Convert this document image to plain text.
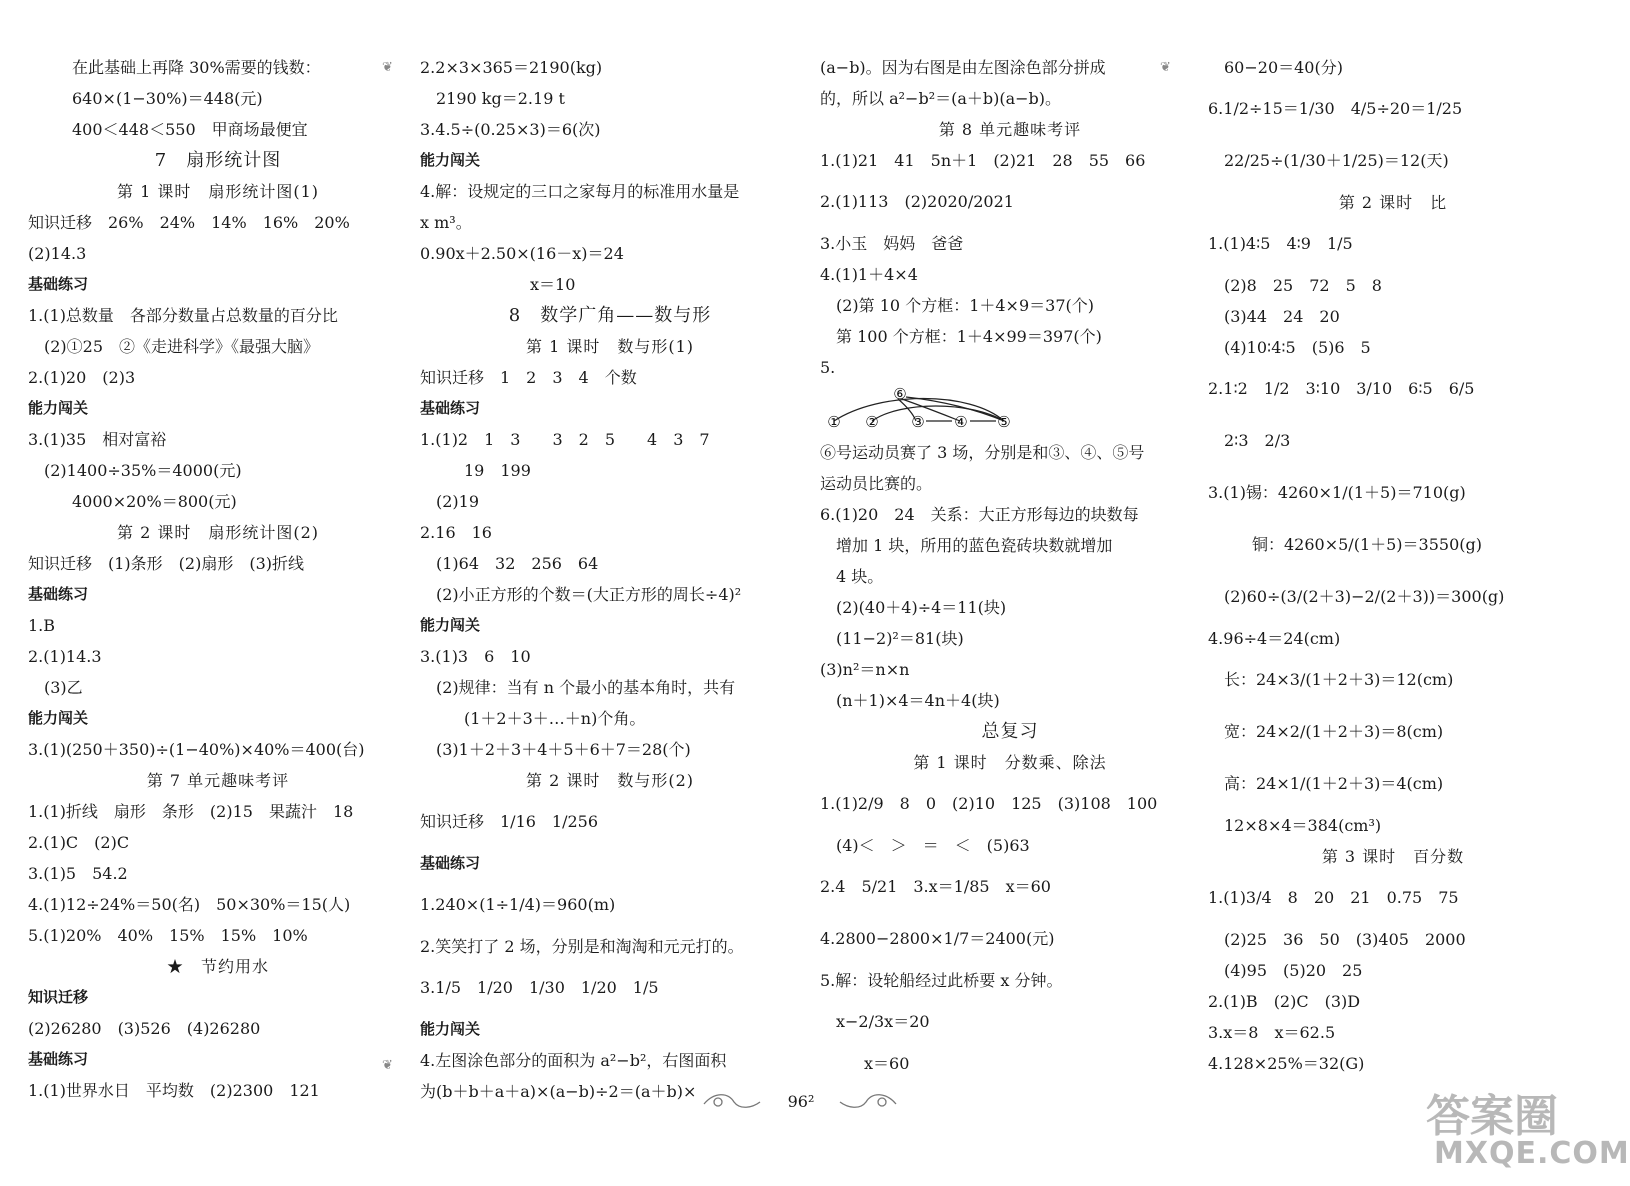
在此基础上再降 30%需要的钱数：
640×(1−30%)＝448(元)
400＜448＜550　甲商场最便宜
7　扇形统计图
第 1 课时　扇形统计图(1)
知识迁移　26%　24%　14%　16%　20%
(2)14.3
基础练习
1.(1)总数量　各部分数量占总数量的百分比
(2)①25　②《走进科学》《最强大脑》
2.(1)20　(2)3
能力闯关
3.(1)35　相对富裕
(2)1400÷35%＝4000(元)
4000×20%＝800(元)
第 2 课时　扇形统计图(2)
知识迁移　(1)条形　(2)扇形　(3)折线
基础练习
1.B
2.(1)14.3
(3)乙
能力闯关
3.(1)(250＋350)÷(1−40%)×40%＝400(台)
第 7 单元趣味考评
1.(1)折线　扇形　条形　(2)15　果蔬汁　18
2.(1)C　(2)C
3.(1)5　54.2
4.(1)12÷24%＝50(名)　50×30%＝15(人)
5.(1)20%　40%　15%　15%　10%
★　节约用水
知识迁移
(2)26280　(3)526　(4)26280
基础练习
1.(1)世界水日　平均数　(2)2300　121
2.2×3×365＝2190(kg)
2190 kg＝2.19 t
3.4.5÷(0.25×3)＝6(次)
能力闯关
4.解：设规定的三口之家每月的标准用水量是
x m³。
0.90x＋2.50×(16－x)＝24
x＝10
8　数学广角——数与形
第 1 课时　数与形(1)
知识迁移　1　2　3　4　个数
基础练习
1.(1)2　1　3　　3　2　5　　4　3　7
19　199
(2)19
2.16　16
(1)64　32　256　64
(2)小正方形的个数＝(大正方形的周长÷4)²
能力闯关
3.(1)3　6　10
(2)规律：当有 n 个最小的基本角时，共有
(1＋2＋3＋…＋n)个角。
(3)1＋2＋3＋4＋5＋6＋7＝28(个)
第 2 课时　数与形(2)
知识迁移　1/16　1/256
基础练习
1.240×(1÷1/4)＝960(m)
2.笑笑打了 2 场，分别是和淘淘和元元打的。
3.1/5　1/20　1/30　1/20　1/5
能力闯关
4.左图涂色部分的面积为 a²−b²，右图面积
为(b＋b＋a＋a)×(a−b)÷2＝(a＋b)×
(a−b)。因为右图是由左图涂色部分拼成
的，所以 a²−b²＝(a＋b)(a−b)。
第 8 单元趣味考评
1.(1)21　41　5n＋1　(2)21　28　55　66
2.(1)113　(2)2020/2021
3.小玉　妈妈　爸爸
4.(1)1＋4×4
(2)第 10 个方框：1＋4×9＝37(个)
第 100 个方框：1＋4×99＝397(个)
5.
① ② ③ ④ ⑤
⑥
⑥号运动员赛了 3 场，分别是和③、④、⑤号
运动员比赛的。
6.(1)20　24　关系：大正方形每边的块数每
增加 1 块，所用的蓝色瓷砖块数就增加
4 块。
(2)(40＋4)÷4＝11(块)
(11−2)²＝81(块)
(3)n²＝n×n
(n＋1)×4＝4n＋4(块)
总复习
第 1 课时　分数乘、除法
1.(1)2/9　8　0　(2)10　125　(3)108　100
(4)＜　＞　＝　＜　(5)63
2.4　5/21　3.x＝1/85　x＝60
4.2800−2800×1/7＝2400(元)
5.解：设轮船经过此桥要 x 分钟。
x−2/3x＝20
x＝60
60−20＝40(分)
6.1/2÷15＝1/30　4/5÷20＝1/25
22/25÷(1/30＋1/25)＝12(天)
第 2 课时　比
1.(1)4∶5　4∶9　1/5
(2)8　25　72　5　8
(3)44　24　20
(4)10∶4∶5　(5)6　5
2.1∶2　1/2　3∶10　3/10　6∶5　6/5
2∶3　2/3
3.(1)锡：4260×1/(1＋5)＝710(g)
铜：4260×5/(1＋5)＝3550(g)
(2)60÷(3/(2＋3)−2/(2＋3))＝300(g)
4.96÷4＝24(cm)
长：24×3/(1＋2＋3)＝12(cm)
宽：24×2/(1＋2＋3)＝8(cm)
高：24×1/(1＋2＋3)＝4(cm)
12×8×4＝384(cm³)
第 3 课时　百分数
1.(1)3/4　8　20　21　0.75　75
(2)25　36　50　(3)405　2000
(4)95　(5)20　25
2.(1)B　(2)C　(3)D
3.x＝8　x＝62.5
4.128×25%＝32(G)
❦
❦
❦
96²	答案圈
MXQE.COM
